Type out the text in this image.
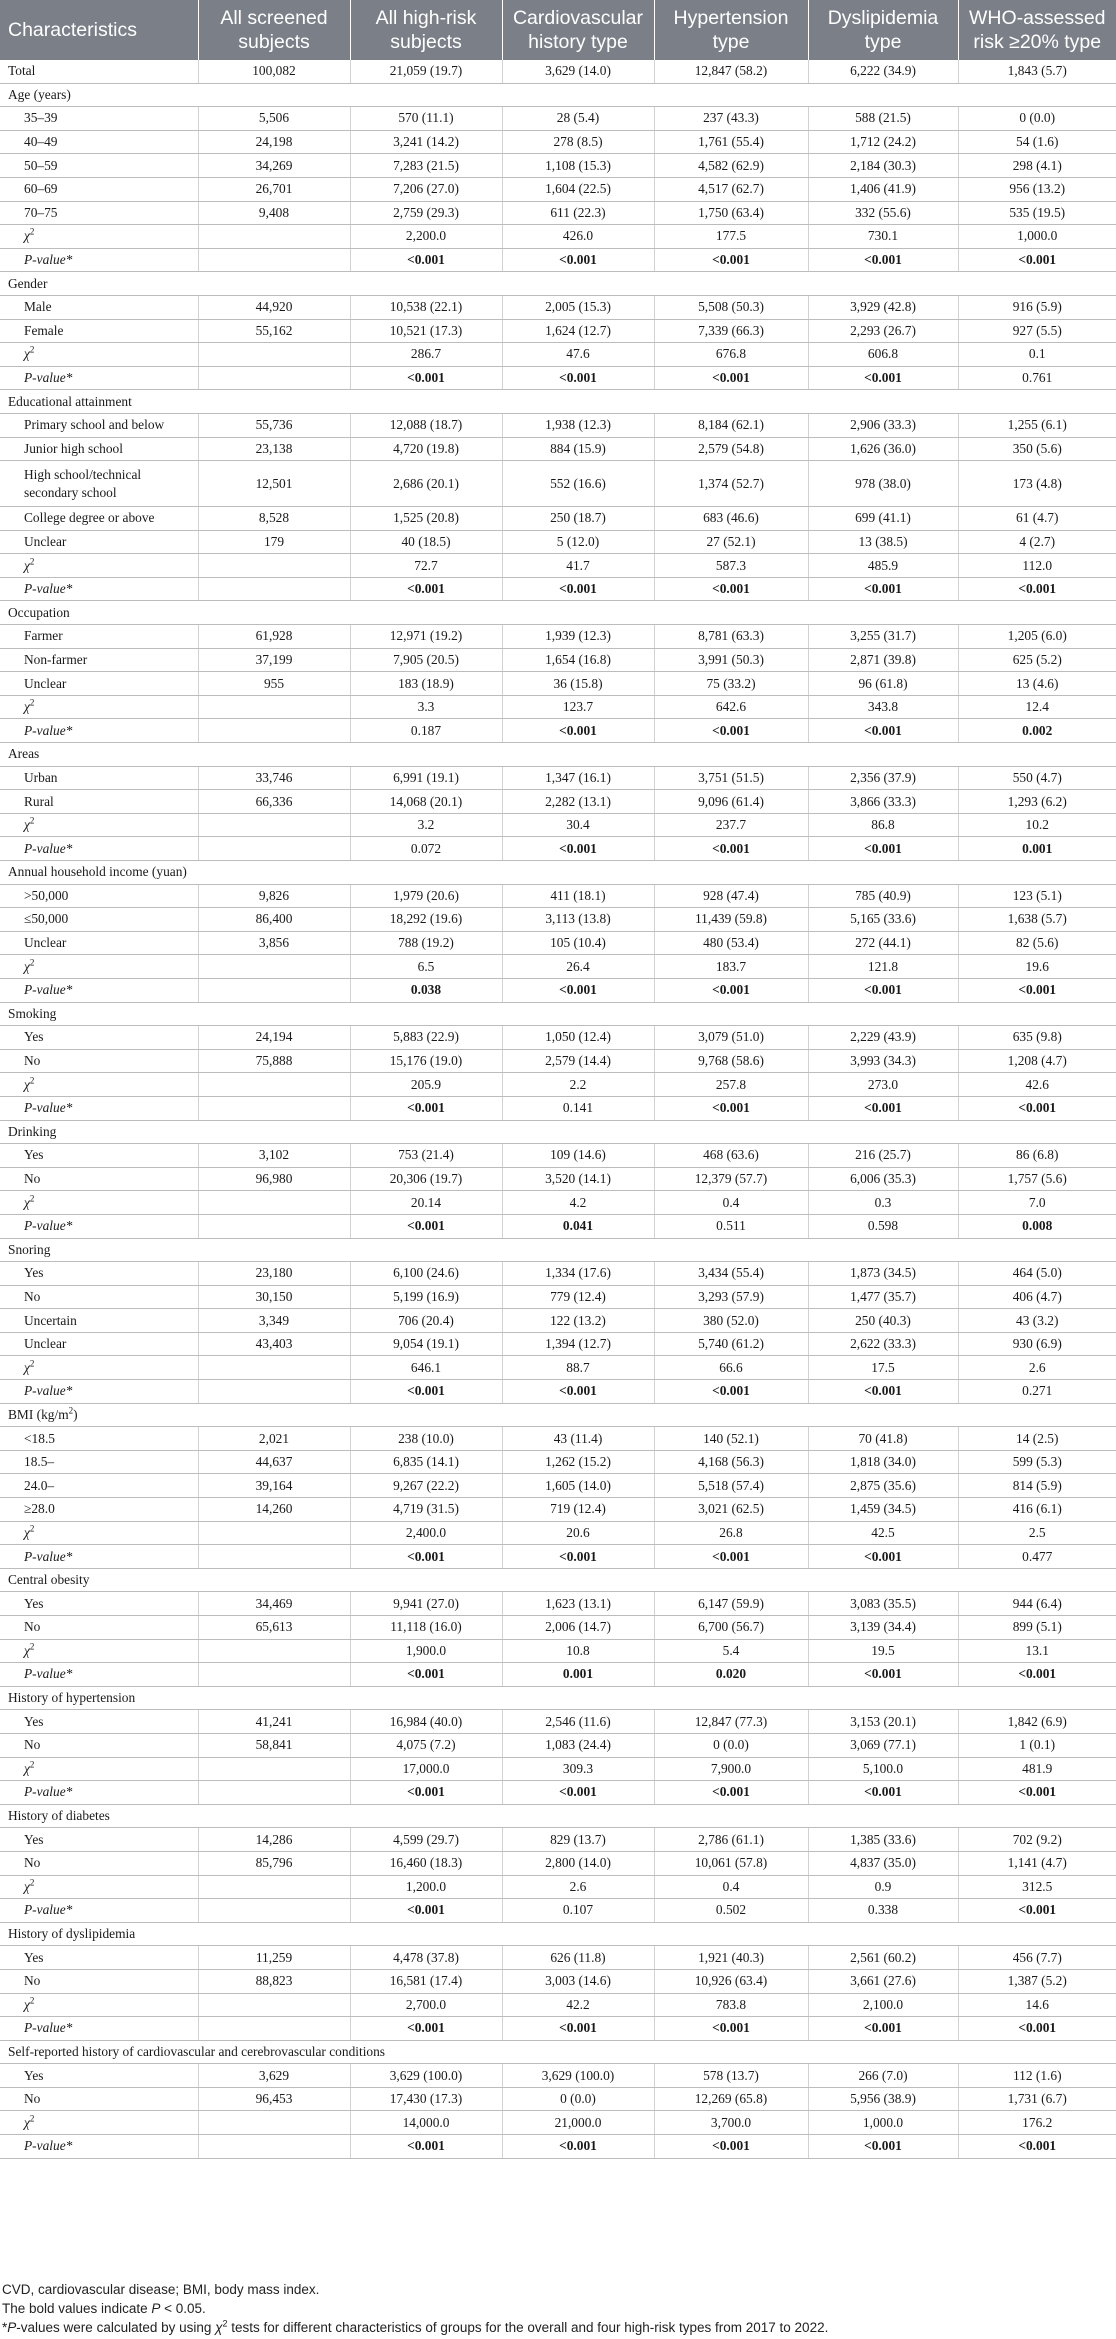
Characteristics	All screened subjects	All high-risk subjects	Cardiovascular history type	Hypertension type	Dyslipidemia type	WHO-assessed risk ≥20% type
Total	100,082	21,059 (19.7)	3,629 (14.0)	12,847 (58.2)	6,222 (34.9)	1,843 (5.7)
Age (years)						
35–39	5,506	570 (11.1)	28 (5.4)	237 (43.3)	588 (21.5)	0 (0.0)
40–49	24,198	3,241 (14.2)	278 (8.5)	1,761 (55.4)	1,712 (24.2)	54 (1.6)
50–59	34,269	7,283 (21.5)	1,108 (15.3)	4,582 (62.9)	2,184 (30.3)	298 (4.1)
60–69	26,701	7,206 (27.0)	1,604 (22.5)	4,517 (62.7)	1,406 (41.9)	956 (13.2)
70–75	9,408	2,759 (29.3)	611 (22.3)	1,750 (63.4)	332 (55.6)	535 (19.5)
$\chi^2$		2,200.0	426.0	177.5	730.1	1,000.0
P-value*		<0.001	<0.001	<0.001	<0.001	<0.001
Gender						
Male	44,920	10,538 (22.1)	2,005 (15.3)	5,508 (50.3)	3,929 (42.8)	916 (5.9)
Female	55,162	10,521 (17.3)	1,624 (12.7)	7,339 (66.3)	2,293 (26.7)	927 (5.5)
$\chi^2$		286.7	47.6	676.8	606.8	0.1
P-value*		<0.001	<0.001	<0.001	<0.001	0.761
Educational attainment						
Primary school and below	55,736	12,088 (18.7)	1,938 (12.3)	8,184 (62.1)	2,906 (33.3)	1,255 (6.1)
Junior high school	23,138	4,720 (19.8)	884 (15.9)	2,579 (54.8)	1,626 (36.0)	350 (5.6)
High school/technical secondary school	12,501	2,686 (20.1)	552 (16.6)	1,374 (52.7)	978 (38.0)	173 (4.8)
College degree or above	8,528	1,525 (20.8)	250 (18.7)	683 (46.6)	699 (41.1)	61 (4.7)
Unclear	179	40 (18.5)	5 (12.0)	27 (52.1)	13 (38.5)	4 (2.7)
$\chi^2$		72.7	41.7	587.3	485.9	112.0
P-value*		<0.001	<0.001	<0.001	<0.001	<0.001
Occupation						
Farmer	61,928	12,971 (19.2)	1,939 (12.3)	8,781 (63.3)	3,255 (31.7)	1,205 (6.0)
Non-farmer	37,199	7,905 (20.5)	1,654 (16.8)	3,991 (50.3)	2,871 (39.8)	625 (5.2)
Unclear	955	183 (18.9)	36 (15.8)	75 (33.2)	96 (61.8)	13 (4.6)
$\chi^2$		3.3	123.7	642.6	343.8	12.4
P-value*		0.187	<0.001	<0.001	<0.001	0.002
Areas						
Urban	33,746	6,991 (19.1)	1,347 (16.1)	3,751 (51.5)	2,356 (37.9)	550 (4.7)
Rural	66,336	14,068 (20.1)	2,282 (13.1)	9,096 (61.4)	3,866 (33.3)	1,293 (6.2)
$\chi^2$		3.2	30.4	237.7	86.8	10.2
P-value*		0.072	<0.001	<0.001	<0.001	0.001
Annual household income (yuan)						
>50,000	9,826	1,979 (20.6)	411 (18.1)	928 (47.4)	785 (40.9)	123 (5.1)
≤50,000	86,400	18,292 (19.6)	3,113 (13.8)	11,439 (59.8)	5,165 (33.6)	1,638 (5.7)
Unclear	3,856	788 (19.2)	105 (10.4)	480 (53.4)	272 (44.1)	82 (5.6)
$\chi^2$		6.5	26.4	183.7	121.8	19.6
P-value*		0.038	<0.001	<0.001	<0.001	<0.001
Smoking						
Yes	24,194	5,883 (22.9)	1,050 (12.4)	3,079 (51.0)	2,229 (43.9)	635 (9.8)
No	75,888	15,176 (19.0)	2,579 (14.4)	9,768 (58.6)	3,993 (34.3)	1,208 (4.7)
$\chi^2$		205.9	2.2	257.8	273.0	42.6
P-value*		<0.001	0.141	<0.001	<0.001	<0.001
Drinking						
Yes	3,102	753 (21.4)	109 (14.6)	468 (63.6)	216 (25.7)	86 (6.8)
No	96,980	20,306 (19.7)	3,520 (14.1)	12,379 (57.7)	6,006 (35.3)	1,757 (5.6)
$\chi^2$		20.14	4.2	0.4	0.3	7.0
P-value*		<0.001	0.041	0.511	0.598	0.008
Snoring						
Yes	23,180	6,100 (24.6)	1,334 (17.6)	3,434 (55.4)	1,873 (34.5)	464 (5.0)
No	30,150	5,199 (16.9)	779 (12.4)	3,293 (57.9)	1,477 (35.7)	406 (4.7)
Uncertain	3,349	706 (20.4)	122 (13.2)	380 (52.0)	250 (40.3)	43 (3.2)
Unclear	43,403	9,054 (19.1)	1,394 (12.7)	5,740 (61.2)	2,622 (33.3)	930 (6.9)
$\chi^2$		646.1	88.7	66.6	17.5	2.6
P-value*		<0.001	<0.001	<0.001	<0.001	0.271
BMI $(kg/m^2)$						
<18.5	2,021	238 (10.0)	43 (11.4)	140 (52.1)	70 (41.8)	14 (2.5)
18.5–	44,637	6,835 (14.1)	1,262 (15.2)	4,168 (56.3)	1,818 (34.0)	599 (5.3)
24.0–	39,164	9,267 (22.2)	1,605 (14.0)	5,518 (57.4)	2,875 (35.6)	814 (5.9)
≥28.0	14,260	4,719 (31.5)	719 (12.4)	3,021 (62.5)	1,459 (34.5)	416 (6.1)
$\chi^2$		2,400.0	20.6	26.8	42.5	2.5
P-value*		<0.001	<0.001	<0.001	<0.001	0.477
Central obesity						
Yes	34,469	9,941 (27.0)	1,623 (13.1)	6,147 (59.9)	3,083 (35.5)	944 (6.4)
No	65,613	11,118 (16.0)	2,006 (14.7)	6,700 (56.7)	3,139 (34.4)	899 (5.1)
$\chi^2$		1,900.0	10.8	5.4	19.5	13.1
P-value*		<0.001	0.001	0.020	<0.001	<0.001
History of hypertension						
Yes	41,241	16,984 (40.0)	2,546 (11.6)	12,847 (77.3)	3,153 (20.1)	1,842 (6.9)
No	58,841	4,075 (7.2)	1,083 (24.4)	0 (0.0)	3,069 (77.1)	1 (0.1)
$\chi^2$		17,000.0	309.3	7,900.0	5,100.0	481.9
P-value*		<0.001	<0.001	<0.001	<0.001	<0.001
History of diabetes						
Yes	14,286	4,599 (29.7)	829 (13.7)	2,786 (61.1)	1,385 (33.6)	702 (9.2)
No	85,796	16,460 (18.3)	2,800 (14.0)	10,061 (57.8)	4,837 (35.0)	1,141 (4.7)
$\chi^2$		1,200.0	2.6	0.4	0.9	312.5
P-value*		<0.001	0.107	0.502	0.338	<0.001
History of dyslipidemia						
Yes	11,259	4,478 (37.8)	626 (11.8)	1,921 (40.3)	2,561 (60.2)	456 (7.7)
No	88,823	16,581 (17.4)	3,003 (14.6)	10,926 (63.4)	3,661 (27.6)	1,387 (5.2)
$\chi^2$		2,700.0	42.2	783.8	2,100.0	14.6
P-value*		<0.001	<0.001	<0.001	<0.001	<0.001
Self-reported history of cardiovascular and cerebrovascular conditions						
Yes	3,629	3,629 (100.0)	3,629 (100.0)	578 (13.7)	266 (7.0)	112 (1.6)
No	96,453	17,430 (17.3)	0 (0.0)	12,269 (65.8)	5,956 (38.9)	1,731 (6.7)
$\chi^2$		14,000.0	21,000.0	3,700.0	1,000.0	176.2
P-value*		<0.001	<0.001	<0.001	<0.001	<0.001
CVD, cardiovascular disease; BMI, body mass index.
The bold values indicate P < 0.05.
*P-values were calculated by using $\chi^2$ tests for different characteristics of groups for the overall and four high-risk types from 2017 to 2022.
